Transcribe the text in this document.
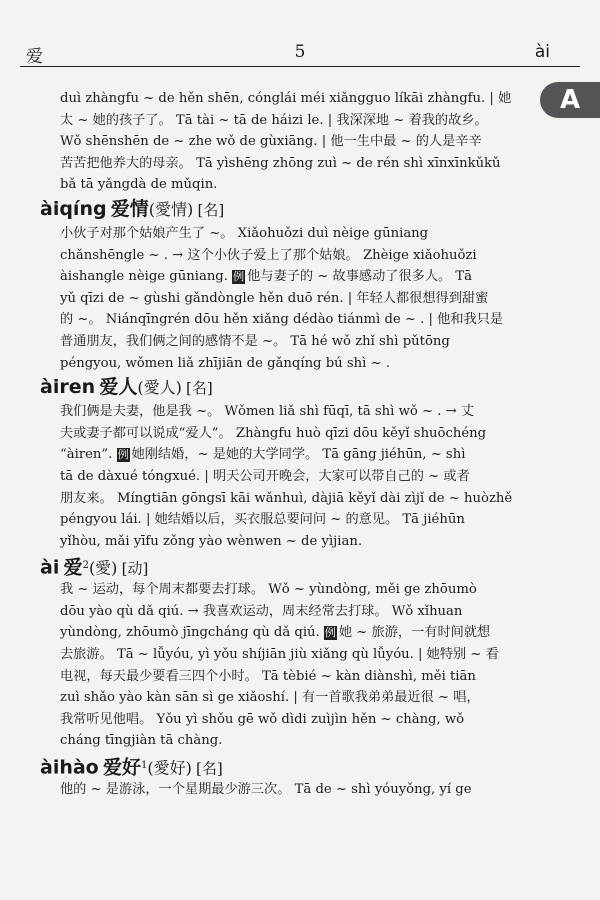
爱	5	ài
A
duì zhàngfu ~ de hěn shēn, cónglái méi xiǎngguo líkāi zhàngfu. | 她
太 ~ 她的孩子了。 Tā tài ~ tā de háizi le. | 我深深地 ~ 着我的故乡。
Wǒ shēnshēn de ~ zhe wǒ de gùxiāng. | 他一生中最 ~ 的人是辛辛
苦苦把他养大的母亲。 Tā yìshēng zhōng zuì ~ de rén shì xīnxīnkǔkǔ
bǎ tā yǎngdà de mǔqin.
àiqíng 爱情(愛情) [名]
小伙子对那个姑娘产生了 ~。 Xiǎohuǒzi duì nèige gūniang
chǎnshēngle ~ . → 这个小伙子爱上了那个姑娘。 Zhèige xiǎohuǒzi
àishangle nèige gūniang. 例 他与妻子的 ~ 故事感动了很多人。 Tā
yǔ qīzi de ~ gùshi gǎndòngle hěn duō rén. | 年轻人都很想得到甜蜜
的 ~。 Niánqīngrén dōu hěn xiǎng dédào tiánmì de ~ . | 他和我只是
普通朋友，我们俩之间的感情不是 ~。 Tā hé wǒ zhǐ shì pǔtōng
péngyou, wǒmen liǎ zhījiān de gǎnqíng bú shì ~ .
àiren 爱人(愛人) [名]
我们俩是夫妻，他是我 ~。 Wǒmen liǎ shì fūqī, tā shì wǒ ~ . → 丈
夫或妻子都可以说成“爱人”。 Zhàngfu huò qīzi dōu kěyǐ shuōchéng
“àiren”. 例 她刚结婚，~ 是她的大学同学。 Tā gāng jiéhūn, ~ shì
tā de dàxué tóngxué. | 明天公司开晚会，大家可以带自己的 ~ 或者
朋友来。 Míngtiān gōngsī kāi wǎnhuì, dàjiā kěyǐ dài zìjǐ de ~ huòzhě
péngyou lái. | 她结婚以后，买衣服总要问问 ~ 的意见。 Tā jiéhūn
yǐhòu, mǎi yīfu zǒng yào wènwen ~ de yìjian.
ài 爱$^2$(愛) [动]
我 ~ 运动，每个周末都要去打球。 Wǒ ~ yùndòng, měi ge zhōumò
dōu yào qù dǎ qiú. → 我喜欢运动，周末经常去打球。 Wǒ xǐhuan
yùndòng, zhōumò jīngcháng qù dǎ qiú. 例 她 ~ 旅游，一有时间就想
去旅游。 Tā ~ lǚyóu, yì yǒu shíjiān jiù xiǎng qù lǚyóu. | 她特别 ~ 看
电视，每天最少要看三四个小时。 Tā tèbié ~ kàn diànshì, měi tiān
zuì shǎo yào kàn sān sì ge xiǎoshí. | 有一首歌我弟弟最近很 ~ 唱，
我常听见他唱。 Yǒu yì shǒu gē wǒ dìdi zuìjìn hěn ~ chàng, wǒ
cháng tīngjiàn tā chàng.
àihào 爱好$^1$(愛好) [名]
他的 ~ 是游泳，一个星期最少游三次。 Tā de ~ shì yóuyǒng, yí ge
